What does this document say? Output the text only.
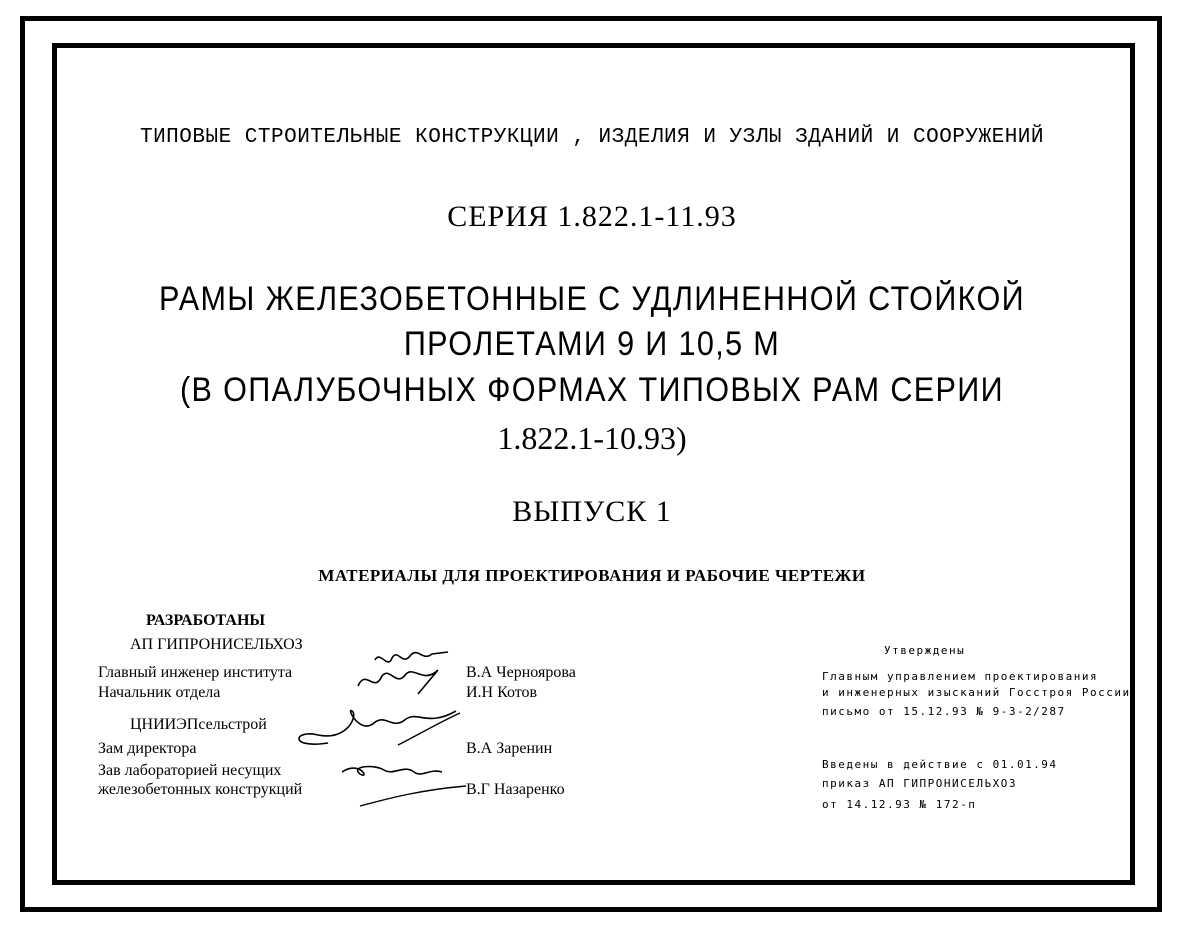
ТИПОВЫЕ СТРОИТЕЛЬНЫЕ КОНСТРУКЦИИ , ИЗДЕЛИЯ И УЗЛЫ ЗДАНИЙ И СООРУЖЕНИЙ
СЕРИЯ 1.822.1-11.93
РАМЫ ЖЕЛЕЗОБЕТОННЫЕ С УДЛИНЕННОЙ СТОЙКОЙ
ПРОЛЕТАМИ 9 И 10,5 М
(В ОПАЛУБОЧНЫХ ФОРМАХ ТИПОВЫХ РАМ СЕРИИ
1.822.1-10.93)
ВЫПУСК 1
МАТЕРИАЛЫ ДЛЯ ПРОЕКТИРОВАНИЯ И РАБОЧИЕ ЧЕРТЕЖИ
РАЗРАБОТАНЫ
АП ГИПРОНИСЕЛЬХОЗ
Главный инженер института	В.А Черноярова
Начальник отдела	И.Н Котов
ЦНИИЭПсельстрой
Зам директора	В.А Заренин
Зав лабораторией несущих
железобетонных конструкций	В.Г Назаренко
Утверждены
Главным управлением проектирования
и инженерных изысканий Госстроя России
письмо от 15.12.93 № 9-3-2/287
Введены в действие с 01.01.94
приказ АП ГИПРОНИСЕЛЬХОЗ
от 14.12.93 № 172-п
